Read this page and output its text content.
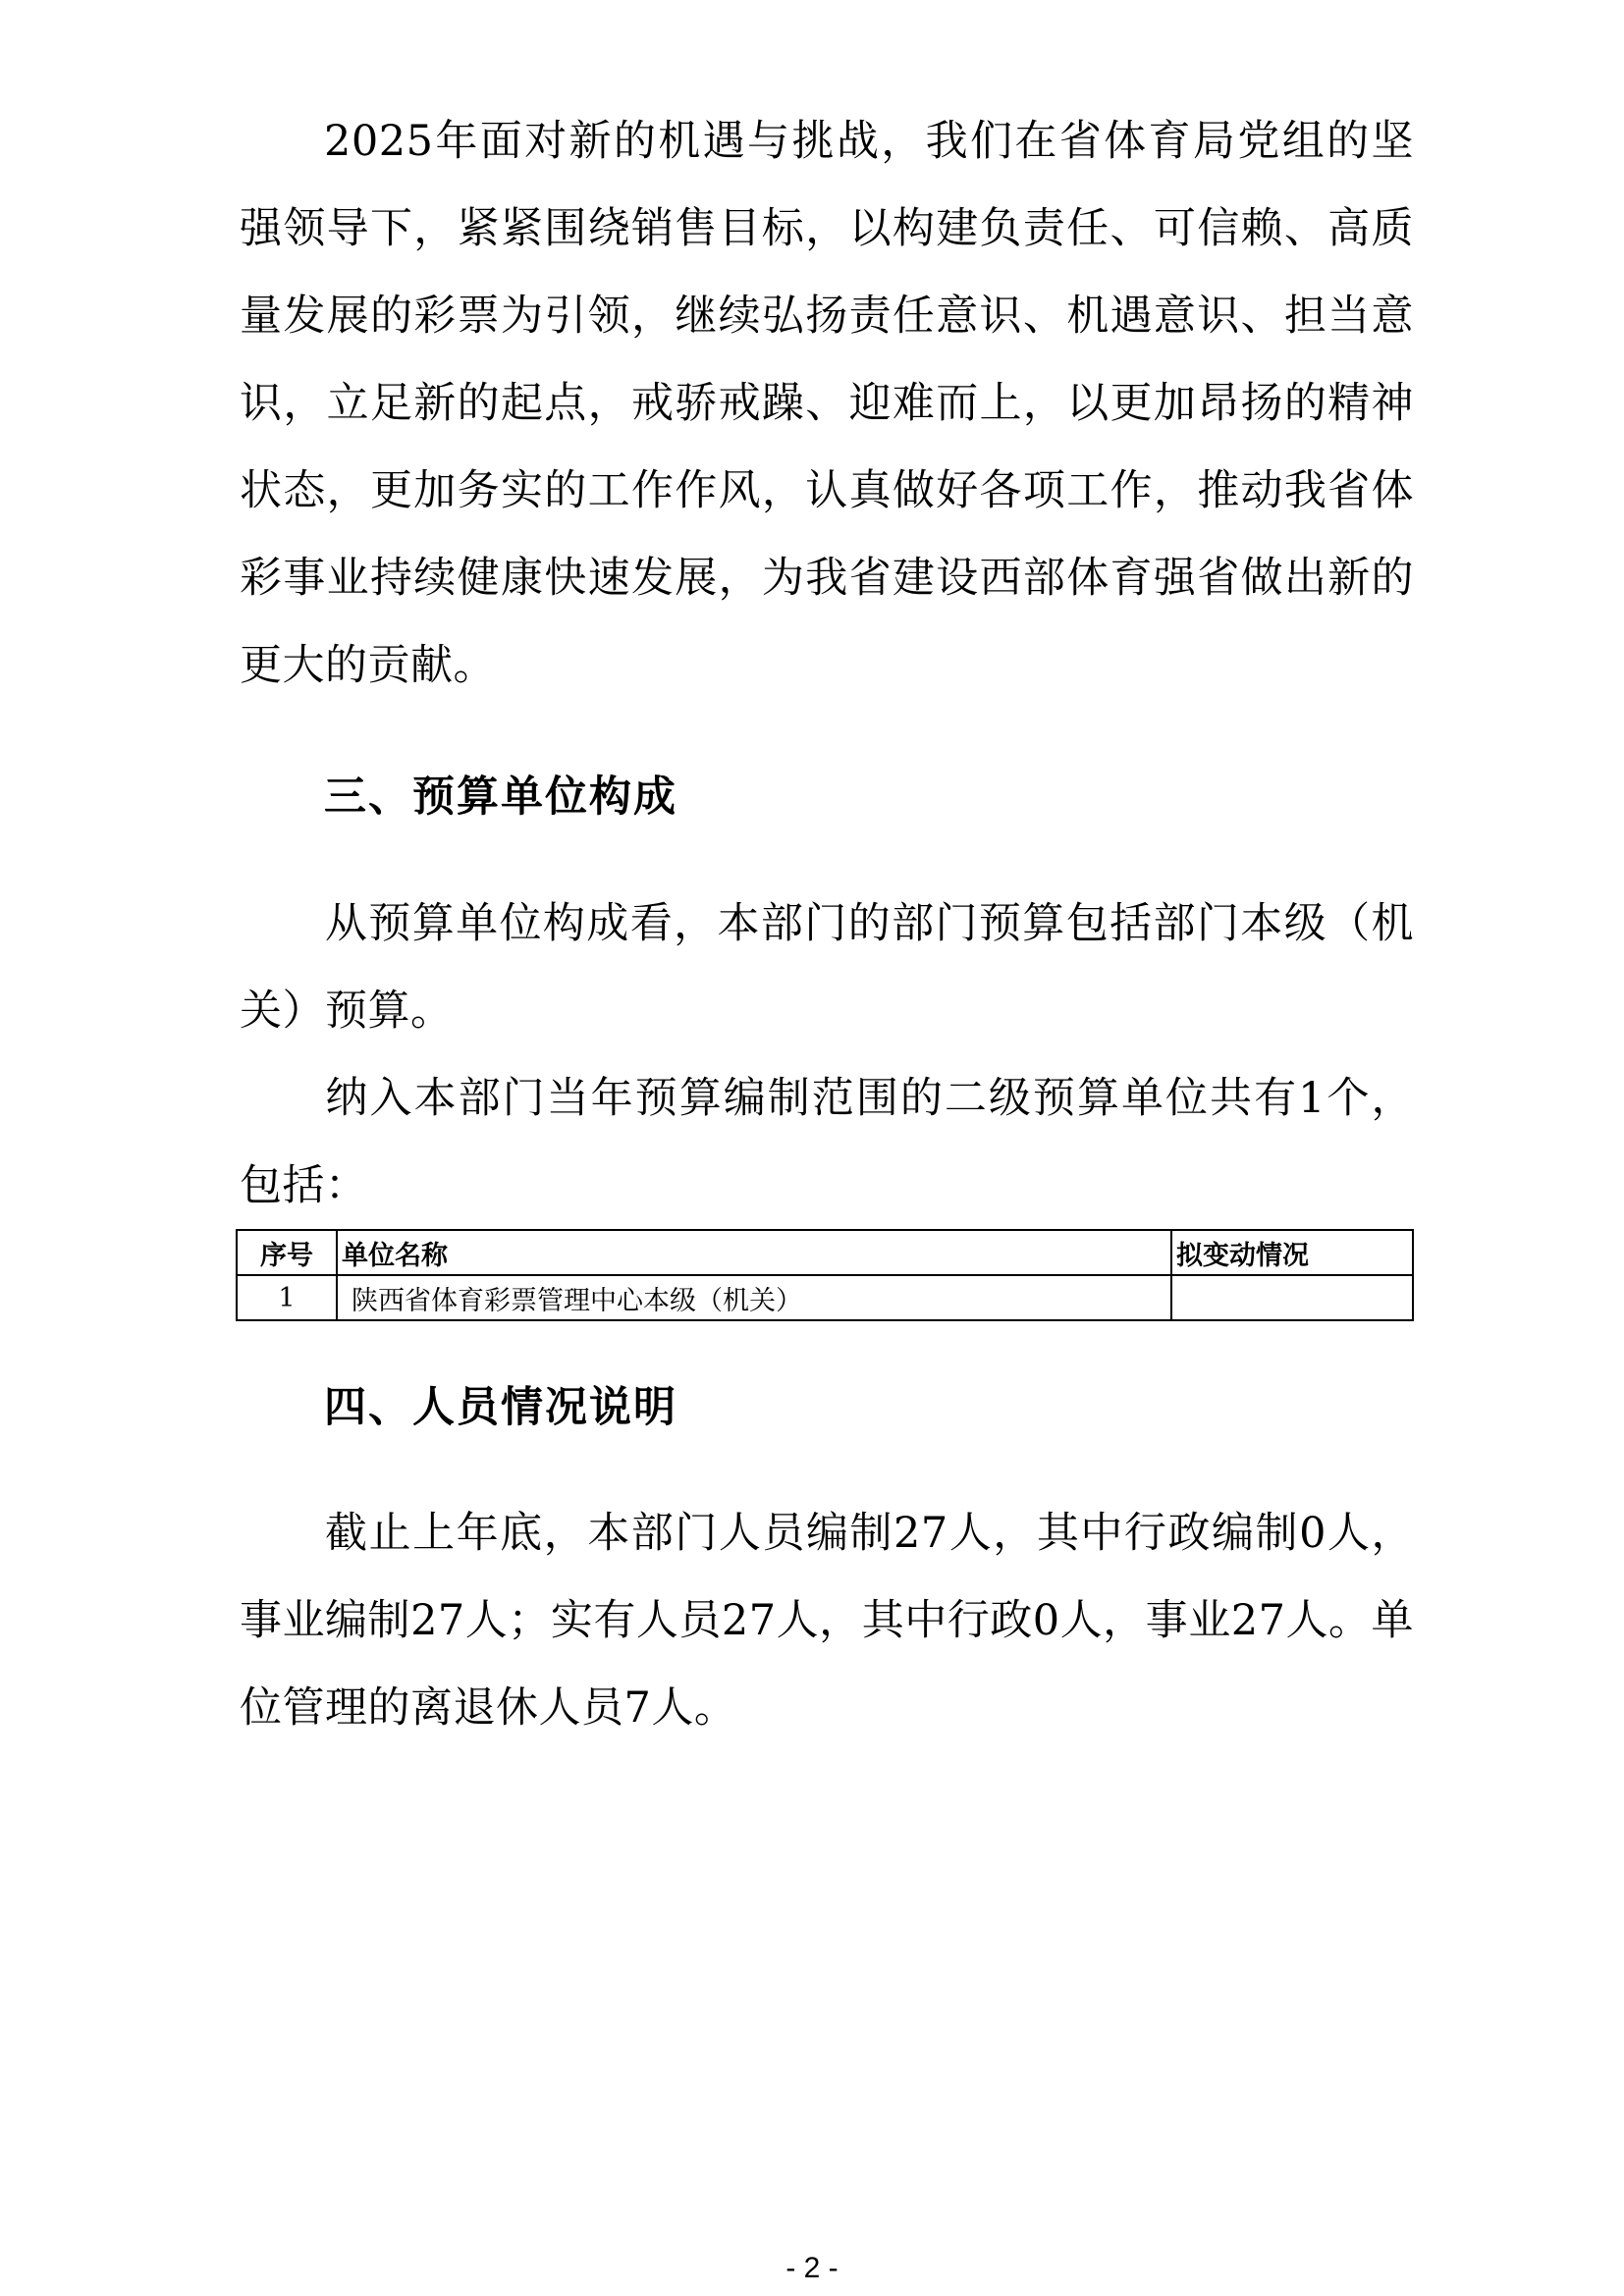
2025年面对新的机遇与挑战，我们在省体育局党组的坚强领导下，紧紧围绕销售目标，以构建负责任、可信赖、高质量发展的彩票为引领，继续弘扬责任意识、机遇意识、担当意识，立足新的起点，戒骄戒躁、迎难而上，以更加昂扬的精神状态，更加务实的工作作风，认真做好各项工作，推动我省体彩事业持续健康快速发展，为我省建设西部体育强省做出新的更大的贡献。

三、预算单位构成

从预算单位构成看，本部门的部门预算包括部门本级（机关）预算。

纳入本部门当年预算编制范围的二级预算单位共有1个，包括：

序号	单位名称	拟变动情况
1	陕西省体育彩票管理中心本级（机关）	
四、人员情况说明

截止上年底，本部门人员编制27人，其中行政编制0人，事业编制27人；实有人员27人，其中行政0人，事业27人。单位管理的离退休人员7人。

- 2 -
